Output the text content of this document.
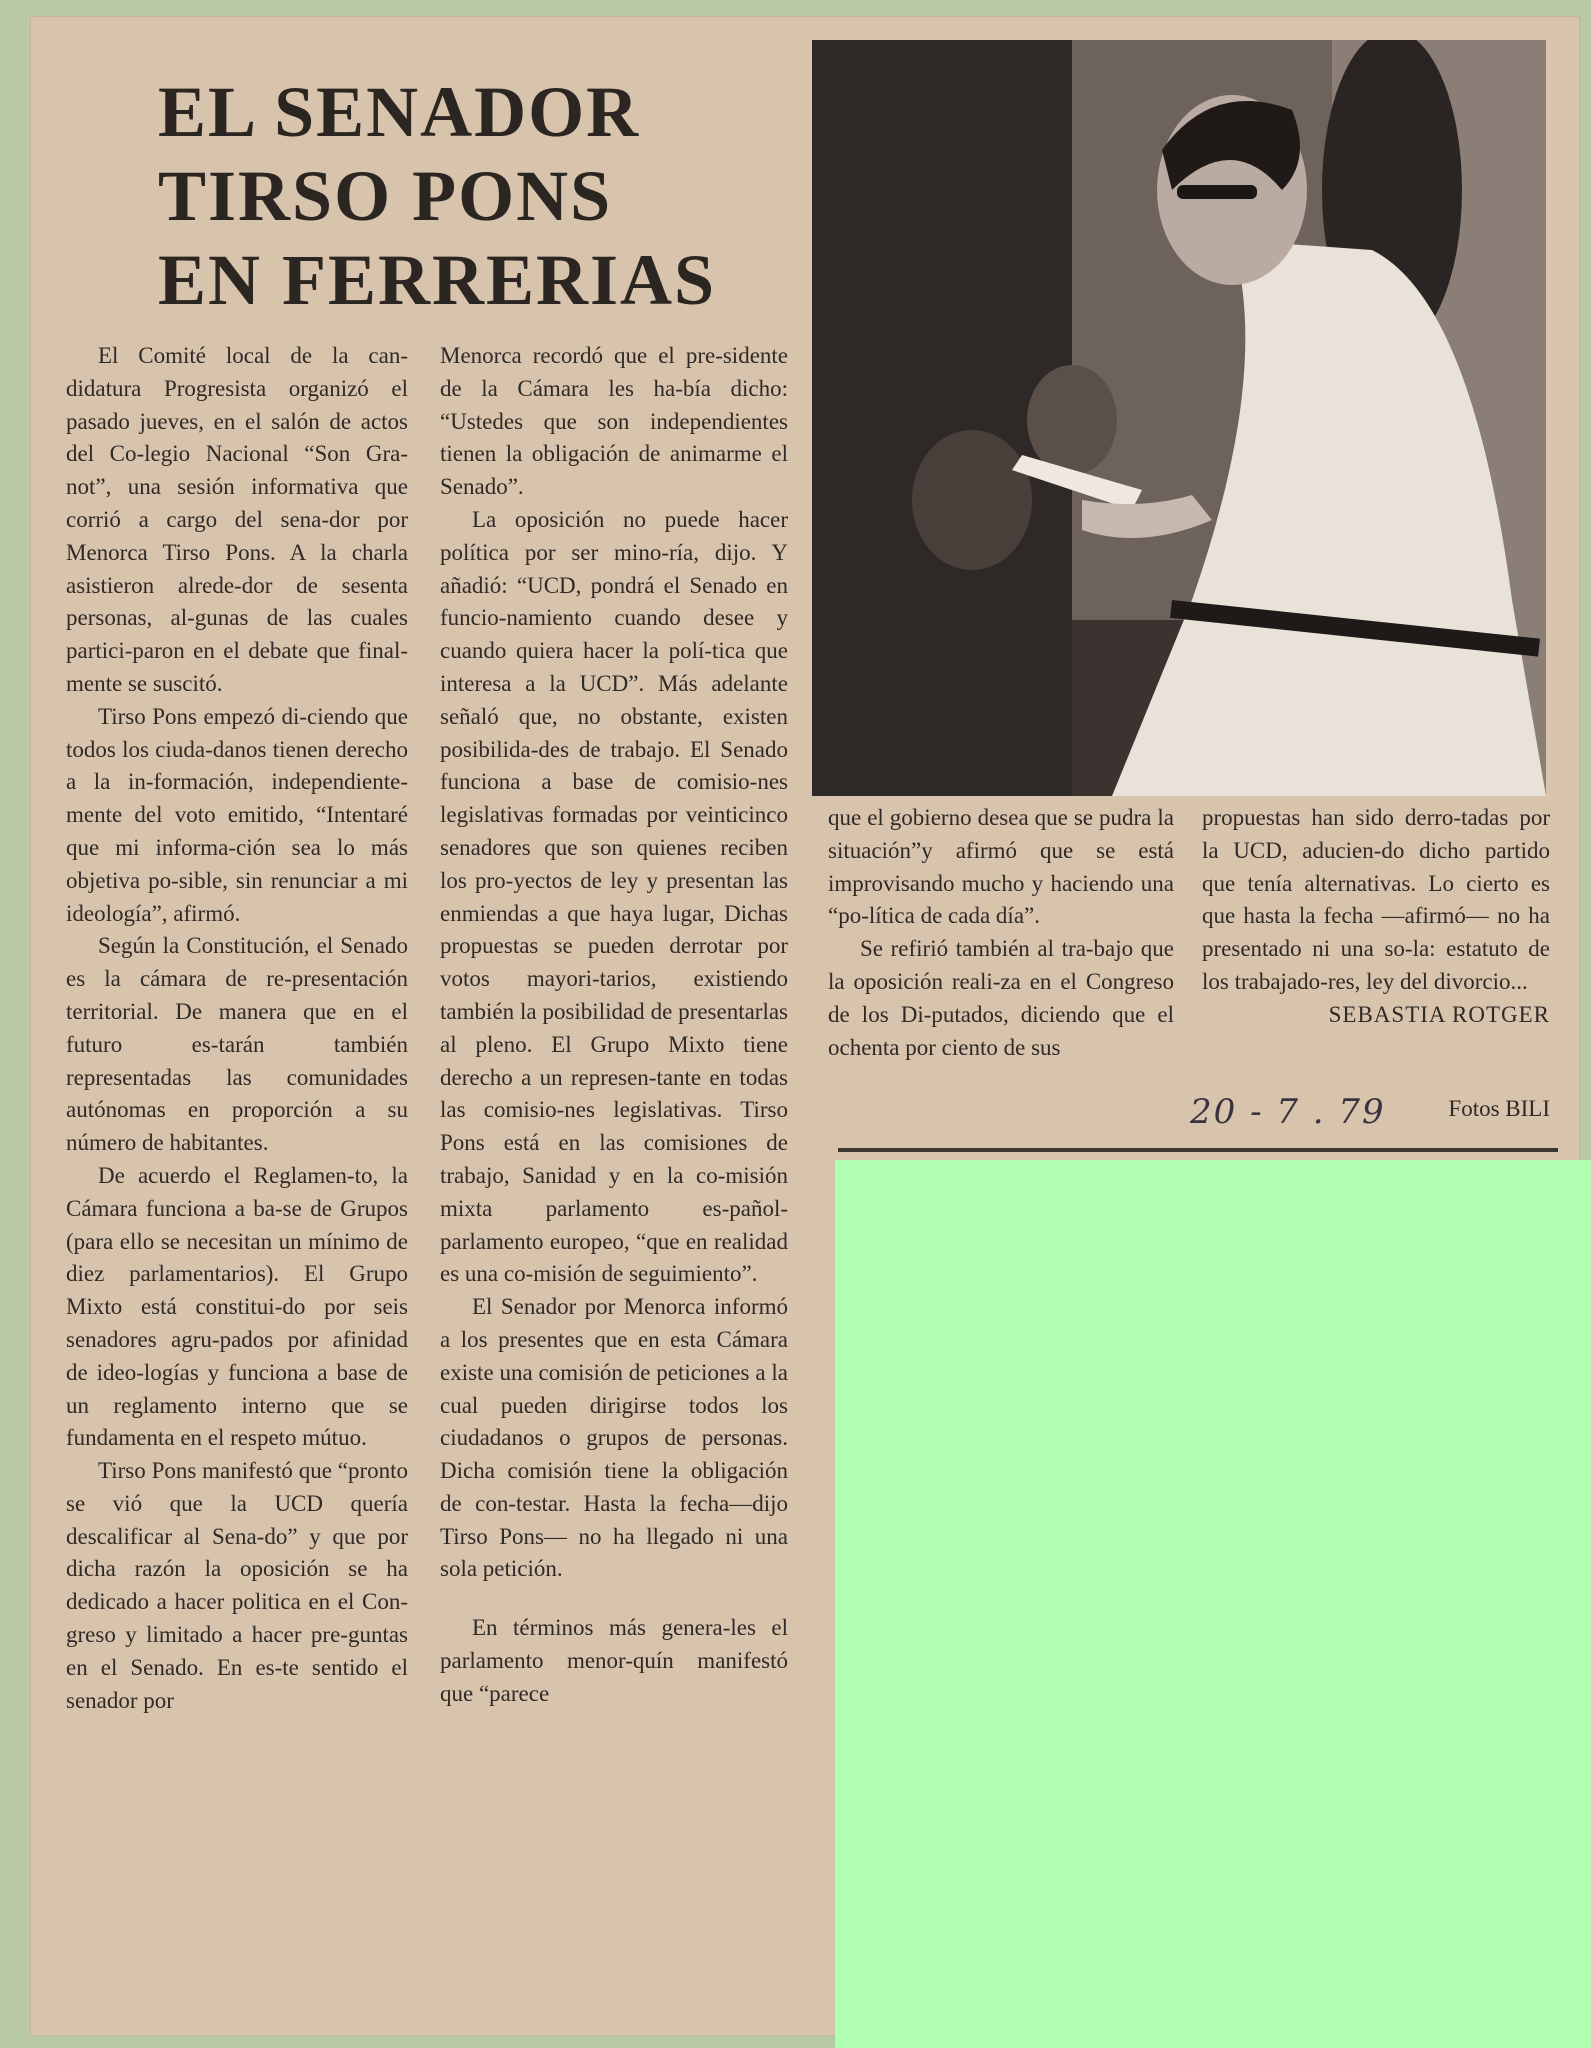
EL SENADOR
TIRSO PONS
EN FERRERIAS

El Comité local de la can-didatura Progresista organizó el pasado jueves, en el salón de actos del Co-legio Nacional “Son Gra-not”, una sesión informativa que corrió a cargo del sena-dor por Menorca Tirso Pons. A la charla asistieron alrede-dor de sesenta personas, al-gunas de las cuales partici-paron en el debate que final-mente se suscitó.

Tirso Pons empezó di-ciendo que todos los ciuda-danos tienen derecho a la in-formación, independiente-mente del voto emitido, “Intentaré que mi informa-ción sea lo más objetiva po-sible, sin renunciar a mi ideología”, afirmó.

Según la Constitución, el Senado es la cámara de re-presentación territorial. De manera que en el futuro es-tarán también representadas las comunidades autónomas en proporción a su número de habitantes.

De acuerdo el Reglamen-to, la Cámara funciona a ba-se de Grupos (para ello se necesitan un mínimo de diez parlamentarios). El Grupo Mixto está constitui-do por seis senadores agru-pados por afinidad de ideo-logías y funciona a base de un reglamento interno que se fundamenta en el respeto mútuo.

Tirso Pons manifestó que “pronto se vió que la UCD quería descalificar al Sena-do” y que por dicha razón la oposición se ha dedicado a hacer politica en el Con-greso y limitado a hacer pre-guntas en el Senado. En es-te sentido el senador por

Menorca recordó que el pre-sidente de la Cámara les ha-bía dicho: “Ustedes que son independientes tienen la obligación de animarme el Senado”.

La oposición no puede hacer política por ser mino-ría, dijo. Y añadió: “UCD, pondrá el Senado en funcio-namiento cuando desee y cuando quiera hacer la polí-tica que interesa a la UCD”. Más adelante señaló que, no obstante, existen posibilida-des de trabajo. El Senado funciona a base de comisio-nes legislativas formadas por veinticinco senadores que son quienes reciben los pro-yectos de ley y presentan las enmiendas a que haya lugar, Dichas propuestas se pueden derrotar por votos mayori-tarios, existiendo también la posibilidad de presentarlas al pleno. El Grupo Mixto tiene derecho a un represen-tante en todas las comisio-nes legislativas. Tirso Pons está en las comisiones de trabajo, Sanidad y en la co-misión mixta parlamento es-pañol-parlamento europeo, “que en realidad es una co-misión de seguimiento”.

El Senador por Menorca informó a los presentes que en esta Cámara existe una comisión de peticiones a la cual pueden dirigirse todos los ciudadanos o grupos de personas. Dicha comisión tiene la obligación de con-testar. Hasta la fecha—dijo Tirso Pons— no ha llegado ni una sola petición.

En términos más genera-les el parlamento menor-quín manifestó que “parece

que el gobierno desea que se pudra la situación”y afirmó que se está improvisando mucho y haciendo una “po-lítica de cada día”.

Se refirió también al tra-bajo que la oposición reali-za en el Congreso de los Di-putados, diciendo que el ochenta por ciento de sus

propuestas han sido derro-tadas por la UCD, aducien-do dicho partido que tenía alternativas. Lo cierto es que hasta la fecha —afirmó— no ha presentado ni una so-la: estatuto de los trabajado-res, ley del divorcio...

SEBASTIA ROTGER

20 - 7 . 79	Fotos BILI
